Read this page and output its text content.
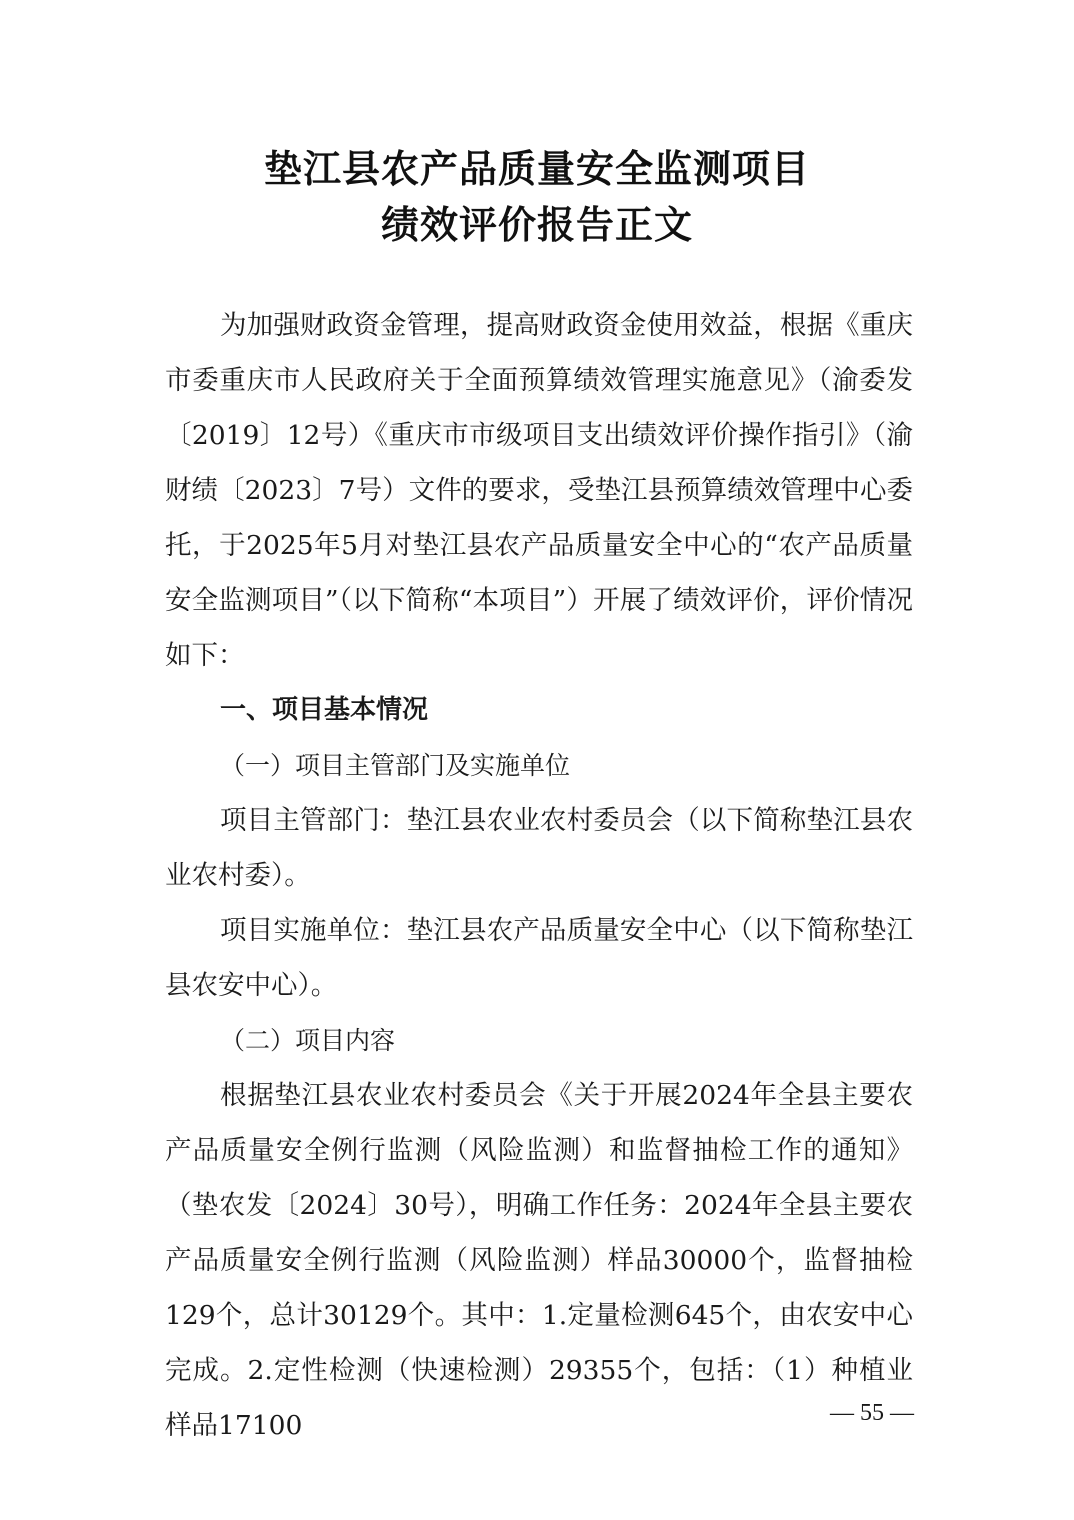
垫江县农产品质量安全监测项目
绩效评价报告正文

为加强财政资金管理，提高财政资金使用效益，根据《重庆市委重庆市人民政府关于全面预算绩效管理实施意见》（渝委发〔2019〕12号）《重庆市市级项目支出绩效评价操作指引》（渝财绩〔2023〕7号）文件的要求，受垫江县预算绩效管理中心委托，于2025年5月对垫江县农产品质量安全中心的“农产品质量安全监测项目”（以下简称“本项目”）开展了绩效评价，评价情况如下：

一、项目基本情况

（一）项目主管部门及实施单位

项目主管部门：垫江县农业农村委员会（以下简称垫江县农业农村委）。

项目实施单位：垫江县农产品质量安全中心（以下简称垫江县农安中心）。

（二）项目内容

根据垫江县农业农村委员会《关于开展2024年全县主要农产品质量安全例行监测（风险监测）和监督抽检工作的通知》（垫农发〔2024〕30号），明确工作任务：2024年全县主要农产品质量安全例行监测（风险监测）样品30000个，监督抽检129个，总计30129个。其中：1.定量检测645个，由农安中心完成。2.定性检测（快速检测）29355个，包括：（1）种植业样品17100	— 55 —
